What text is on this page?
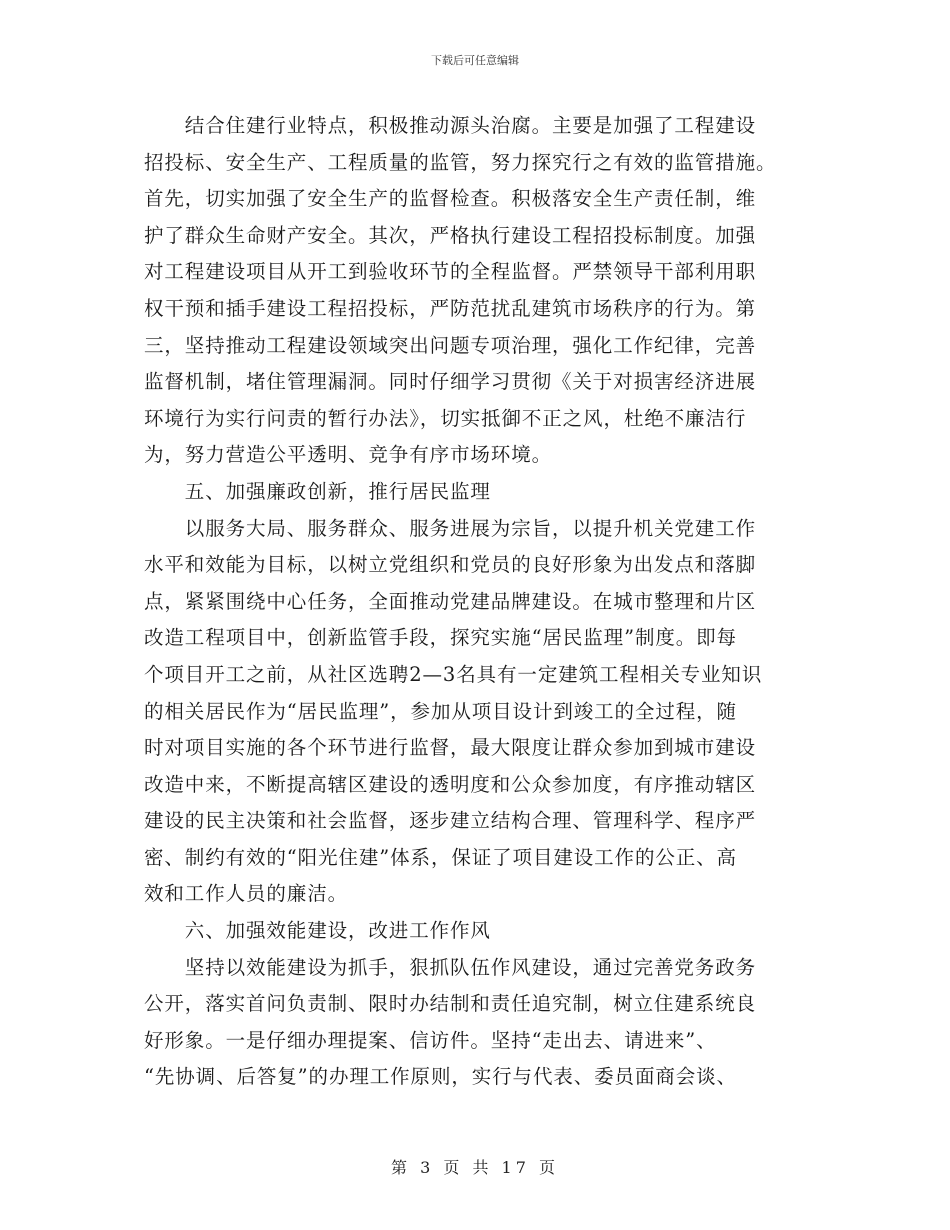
下载后可任意编辑
　　结合住建行业特点，积极推动源头治腐。主要是加强了工程建设
招投标、安全生产、工程质量的监管，努力探究行之有效的监管措施。
首先，切实加强了安全生产的监督检查。积极落安全生产责任制，维
护了群众生命财产安全。其次，严格执行建设工程招投标制度。加强
对工程建设项目从开工到验收环节的全程监督。严禁领导干部利用职
权干预和插手建设工程招投标，严防范扰乱建筑市场秩序的行为。第
三，坚持推动工程建设领域突出问题专项治理，强化工作纪律，完善
监督机制，堵住管理漏洞。同时仔细学习贯彻《关于对损害经济进展
环境行为实行问责的暂行办法》，切实抵御不正之风，杜绝不廉洁行
为，努力营造公平透明、竞争有序市场环境。
　　五、加强廉政创新，推行居民监理
　　以服务大局、服务群众、服务进展为宗旨，以提升机关党建工作
水平和效能为目标，以树立党组织和党员的良好形象为出发点和落脚
点，紧紧围绕中心任务，全面推动党建品牌建设。在城市整理和片区
改造工程项目中，创新监管手段，探究实施“居民监理”制度。即每
个项目开工之前，从社区选聘2—3名具有一定建筑工程相关专业知识
的相关居民作为“居民监理”，参加从项目设计到竣工的全过程，随
时对项目实施的各个环节进行监督，最大限度让群众参加到城市建设
改造中来，不断提高辖区建设的透明度和公众参加度，有序推动辖区
建设的民主决策和社会监督，逐步建立结构合理、管理科学、程序严
密、制约有效的“阳光住建”体系，保证了项目建设工作的公正、高
效和工作人员的廉洁。
　　六、加强效能建设，改进工作作风
　　坚持以效能建设为抓手，狠抓队伍作风建设，通过完善党务政务
公开，落实首问负责制、限时办结制和责任追究制，树立住建系统良
好形象。一是仔细办理提案、信访件。坚持“走出去、请进来”、
“先协调、后答复”的办理工作原则，实行与代表、委员面商会谈、
第 3 页 共 17 页
